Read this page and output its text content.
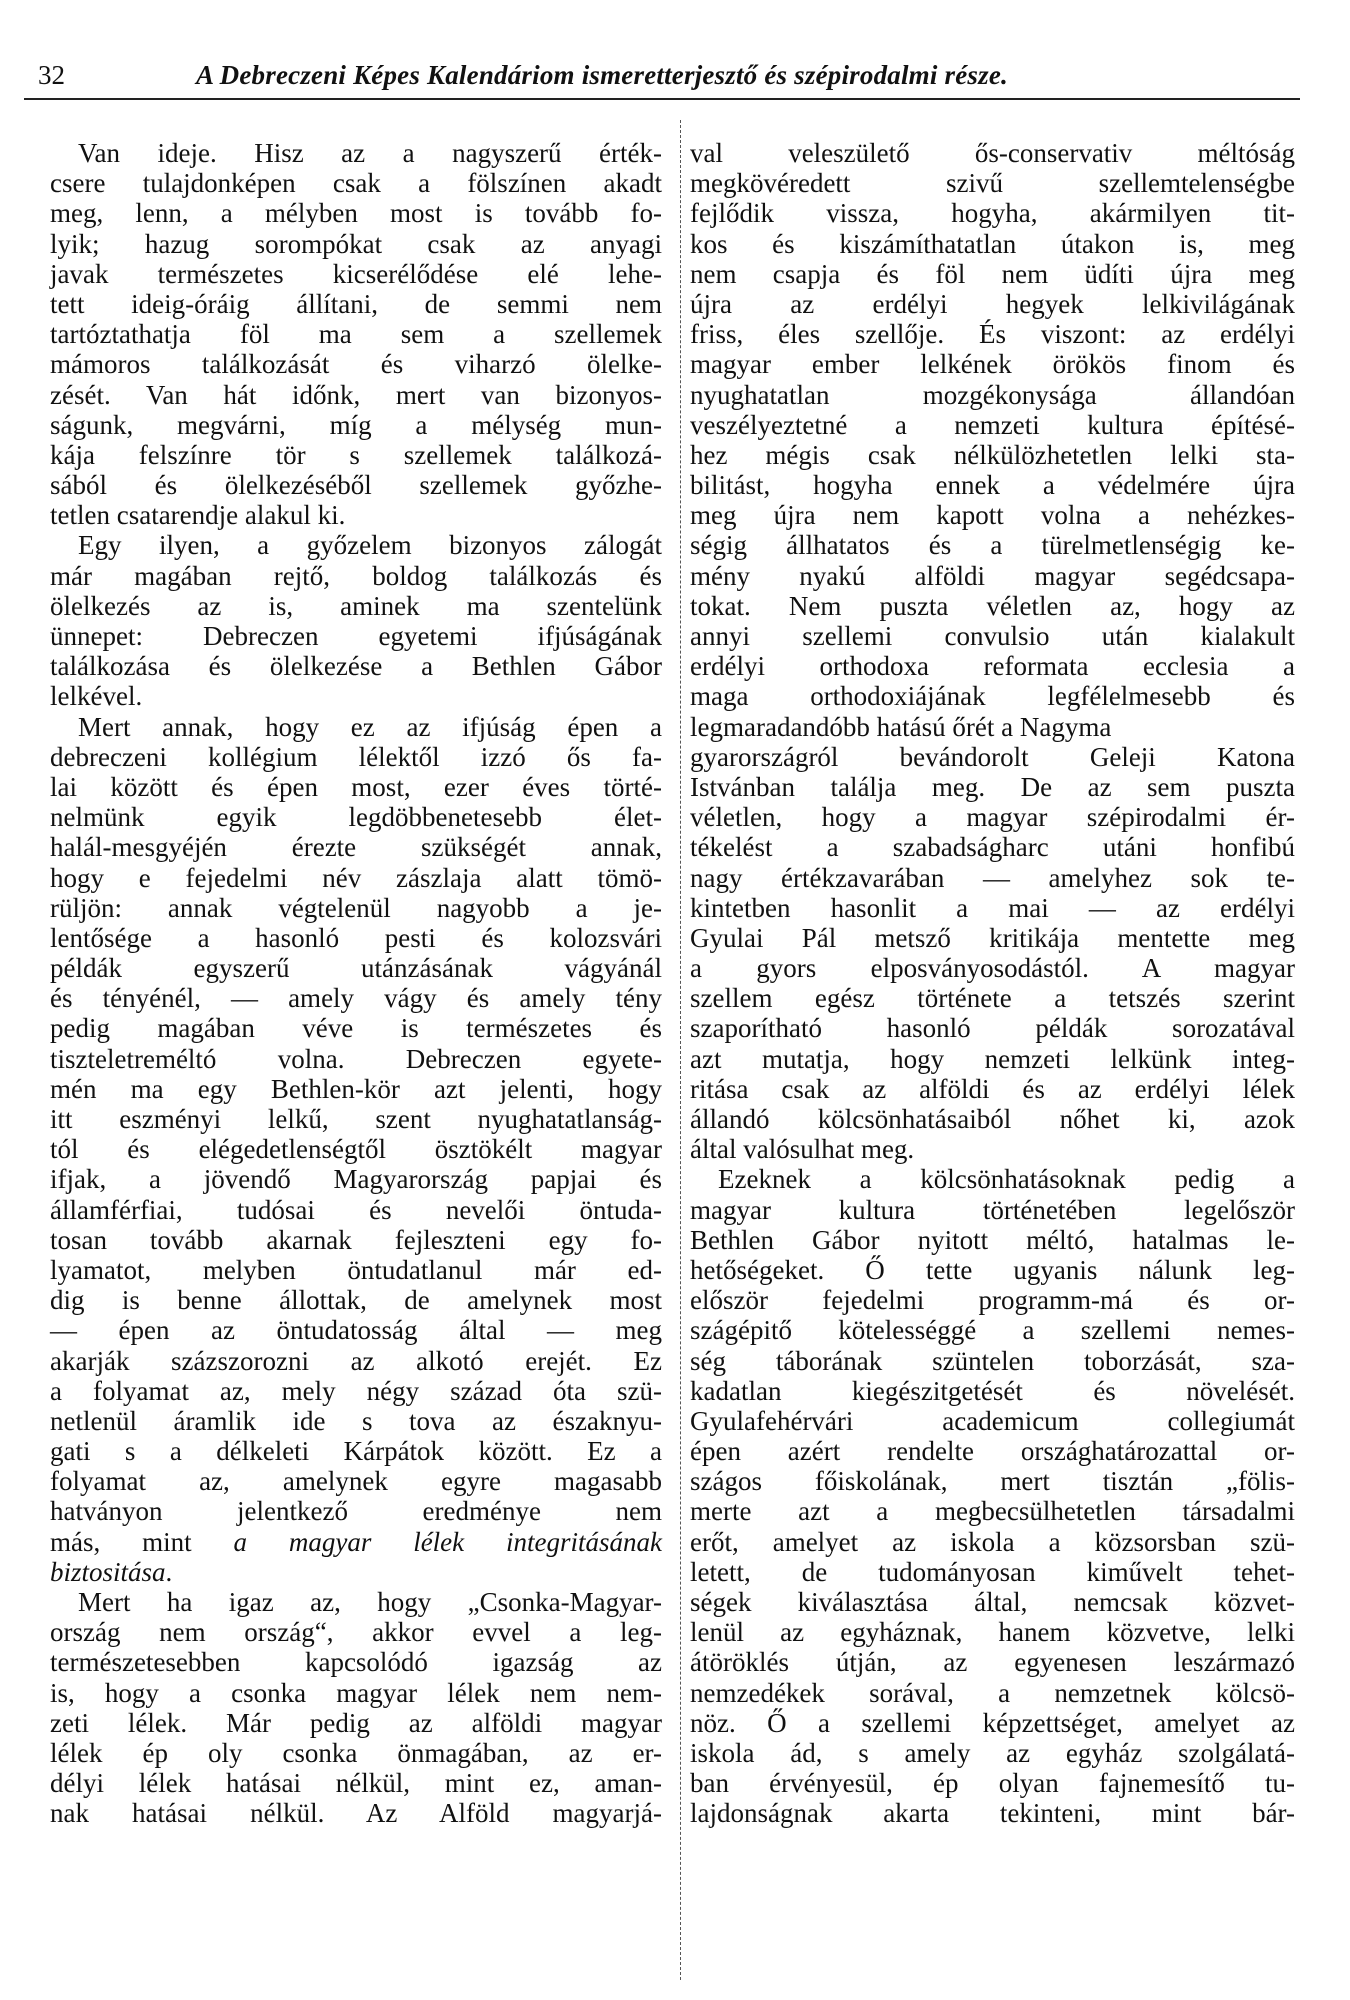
32	A Debreczeni Képes Kalendáriom ismeretterjesztő és szépirodalmi része.
Van ideje. Hisz az a nagyszerű érték-
csere tulajdonképen csak a fölszínen akadt
meg, lenn, a mélyben most is tovább fo-
lyik; hazug sorompókat csak az anyagi
javak természetes kicserélődése elé lehe-
tett ideig-óráig állítani, de semmi nem
tartóztathatja föl ma sem a szellemek
mámoros találkozását és viharzó ölelke-
zését. Van hát időnk, mert van bizonyos-
ságunk, megvárni, míg a mélység mun-
kája felszínre tör s szellemek találkozá-
sából és ölelkezéséből szellemek győzhe-
tetlen csatarendje alakul ki.
Egy ilyen, a győzelem bizonyos zálogát
már magában rejtő, boldog találkozás és
ölelkezés az is, aminek ma szentelünk
ünnepet: Debreczen egyetemi ifjúságának
találkozása és ölelkezése a Bethlen Gábor
lelkével.
Mert annak, hogy ez az ifjúság épen a
debreczeni kollégium lélektől izzó ős fa-
lai között és épen most, ezer éves törté-
nelmünk egyik legdöbbenetesebb élet-
halál-mesgyéjén érezte szükségét annak,
hogy e fejedelmi név zászlaja alatt tömö-
rüljön: annak végtelenül nagyobb a je-
lentősége a hasonló pesti és kolozsvári
példák egyszerű utánzásának vágyánál
és tényénél, — amely vágy és amely tény
pedig magában véve is természetes és
tiszteletreméltó volna. Debreczen egyete-
mén ma egy Bethlen-kör azt jelenti, hogy
itt eszményi lelkű, szent nyughatatlanság-
tól és elégedetlenségtől ösztökélt magyar
ifjak, a jövendő Magyarország papjai és
államférfiai, tudósai és nevelői öntuda-
tosan tovább akarnak fejleszteni egy fo-
lyamatot, melyben öntudatlanul már ed-
dig is benne állottak, de amelynek most
— épen az öntudatosság által — meg
akarják százszorozni az alkotó erejét. Ez
a folyamat az, mely négy század óta szü-
netlenül áramlik ide s tova az északnyu-
gati s a délkeleti Kárpátok között. Ez a
folyamat az, amelynek egyre magasabb
hatványon jelentkező eredménye nem
más, mint a magyar lélek integritásának
biztositása.
Mert ha igaz az, hogy „Csonka-Magyar-
ország nem ország“, akkor evvel a leg-
természetesebben kapcsolódó igazság az
is, hogy a csonka magyar lélek nem nem-
zeti lélek. Már pedig az alföldi magyar
lélek ép oly csonka önmagában, az er-
délyi lélek hatásai nélkül, mint ez, aman-
nak hatásai nélkül. Az Alföld magyarjá-
val veleszülető ős-conservativ méltóság
megkövéredett szivű szellemtelenségbe
fejlődik vissza, hogyha, akármilyen tit-
kos és kiszámíthatatlan útakon is, meg
nem csapja és föl nem üdíti újra meg
újra az erdélyi hegyek lelkivilágának
friss, éles szellője. És viszont: az erdélyi
magyar ember lelkének örökös finom és
nyughatatlan mozgékonysága állandóan
veszélyeztetné a nemzeti kultura építésé-
hez mégis csak nélkülözhetetlen lelki sta-
bilitást, hogyha ennek a védelmére újra
meg újra nem kapott volna a nehézkes-
ségig állhatatos és a türelmetlenségig ke-
mény nyakú alföldi magyar segédcsapa-
tokat. Nem puszta véletlen az, hogy az
annyi szellemi convulsio után kialakult
erdélyi orthodoxa reformata ecclesia a
maga orthodoxiájának legfélelmesebb és
legmaradandóbb hatású őrét a Nagyma
gyarországról bevándorolt Geleji Katona
Istvánban találja meg. De az sem puszta
véletlen, hogy a magyar szépirodalmi ér-
tékelést a szabadságharc utáni honfibú
nagy értékzavarában — amelyhez sok te-
kintetben hasonlit a mai — az erdélyi
Gyulai Pál metsző kritikája mentette meg
a gyors elposványosodástól. A magyar
szellem egész története a tetszés szerint
szaporítható hasonló példák sorozatával
azt mutatja, hogy nemzeti lelkünk integ-
ritása csak az alföldi és az erdélyi lélek
állandó kölcsönhatásaiból nőhet ki, azok
által valósulhat meg.
Ezeknek a kölcsönhatásoknak pedig a
magyar kultura történetében legelőször
Bethlen Gábor nyitott méltó, hatalmas le-
hetőségeket. Ő tette ugyanis nálunk leg-
először fejedelmi programm-má és or-
szágépitő kötelességgé a szellemi nemes-
ség táborának szüntelen toborzását, sza-
kadatlan kiegészitgetését és növelését.
Gyulafehérvári academicum collegiumát
épen azért rendelte országhatározattal or-
szágos főiskolának, mert tisztán „fölis-
merte azt a megbecsülhetetlen társadalmi
erőt, amelyet az iskola a közsorsban szü-
letett, de tudományosan kiművelt tehet-
ségek kiválasztása által, nemcsak közvet-
lenül az egyháznak, hanem közvetve, lelki
átöröklés útján, az egyenesen leszármazó
nemzedékek sorával, a nemzetnek kölcsö-
nöz. Ő a szellemi képzettséget, amelyet az
iskola ád, s amely az egyház szolgálatá-
ban érvényesül, ép olyan fajnemesítő tu-
lajdonságnak akarta tekinteni, mint bár-
